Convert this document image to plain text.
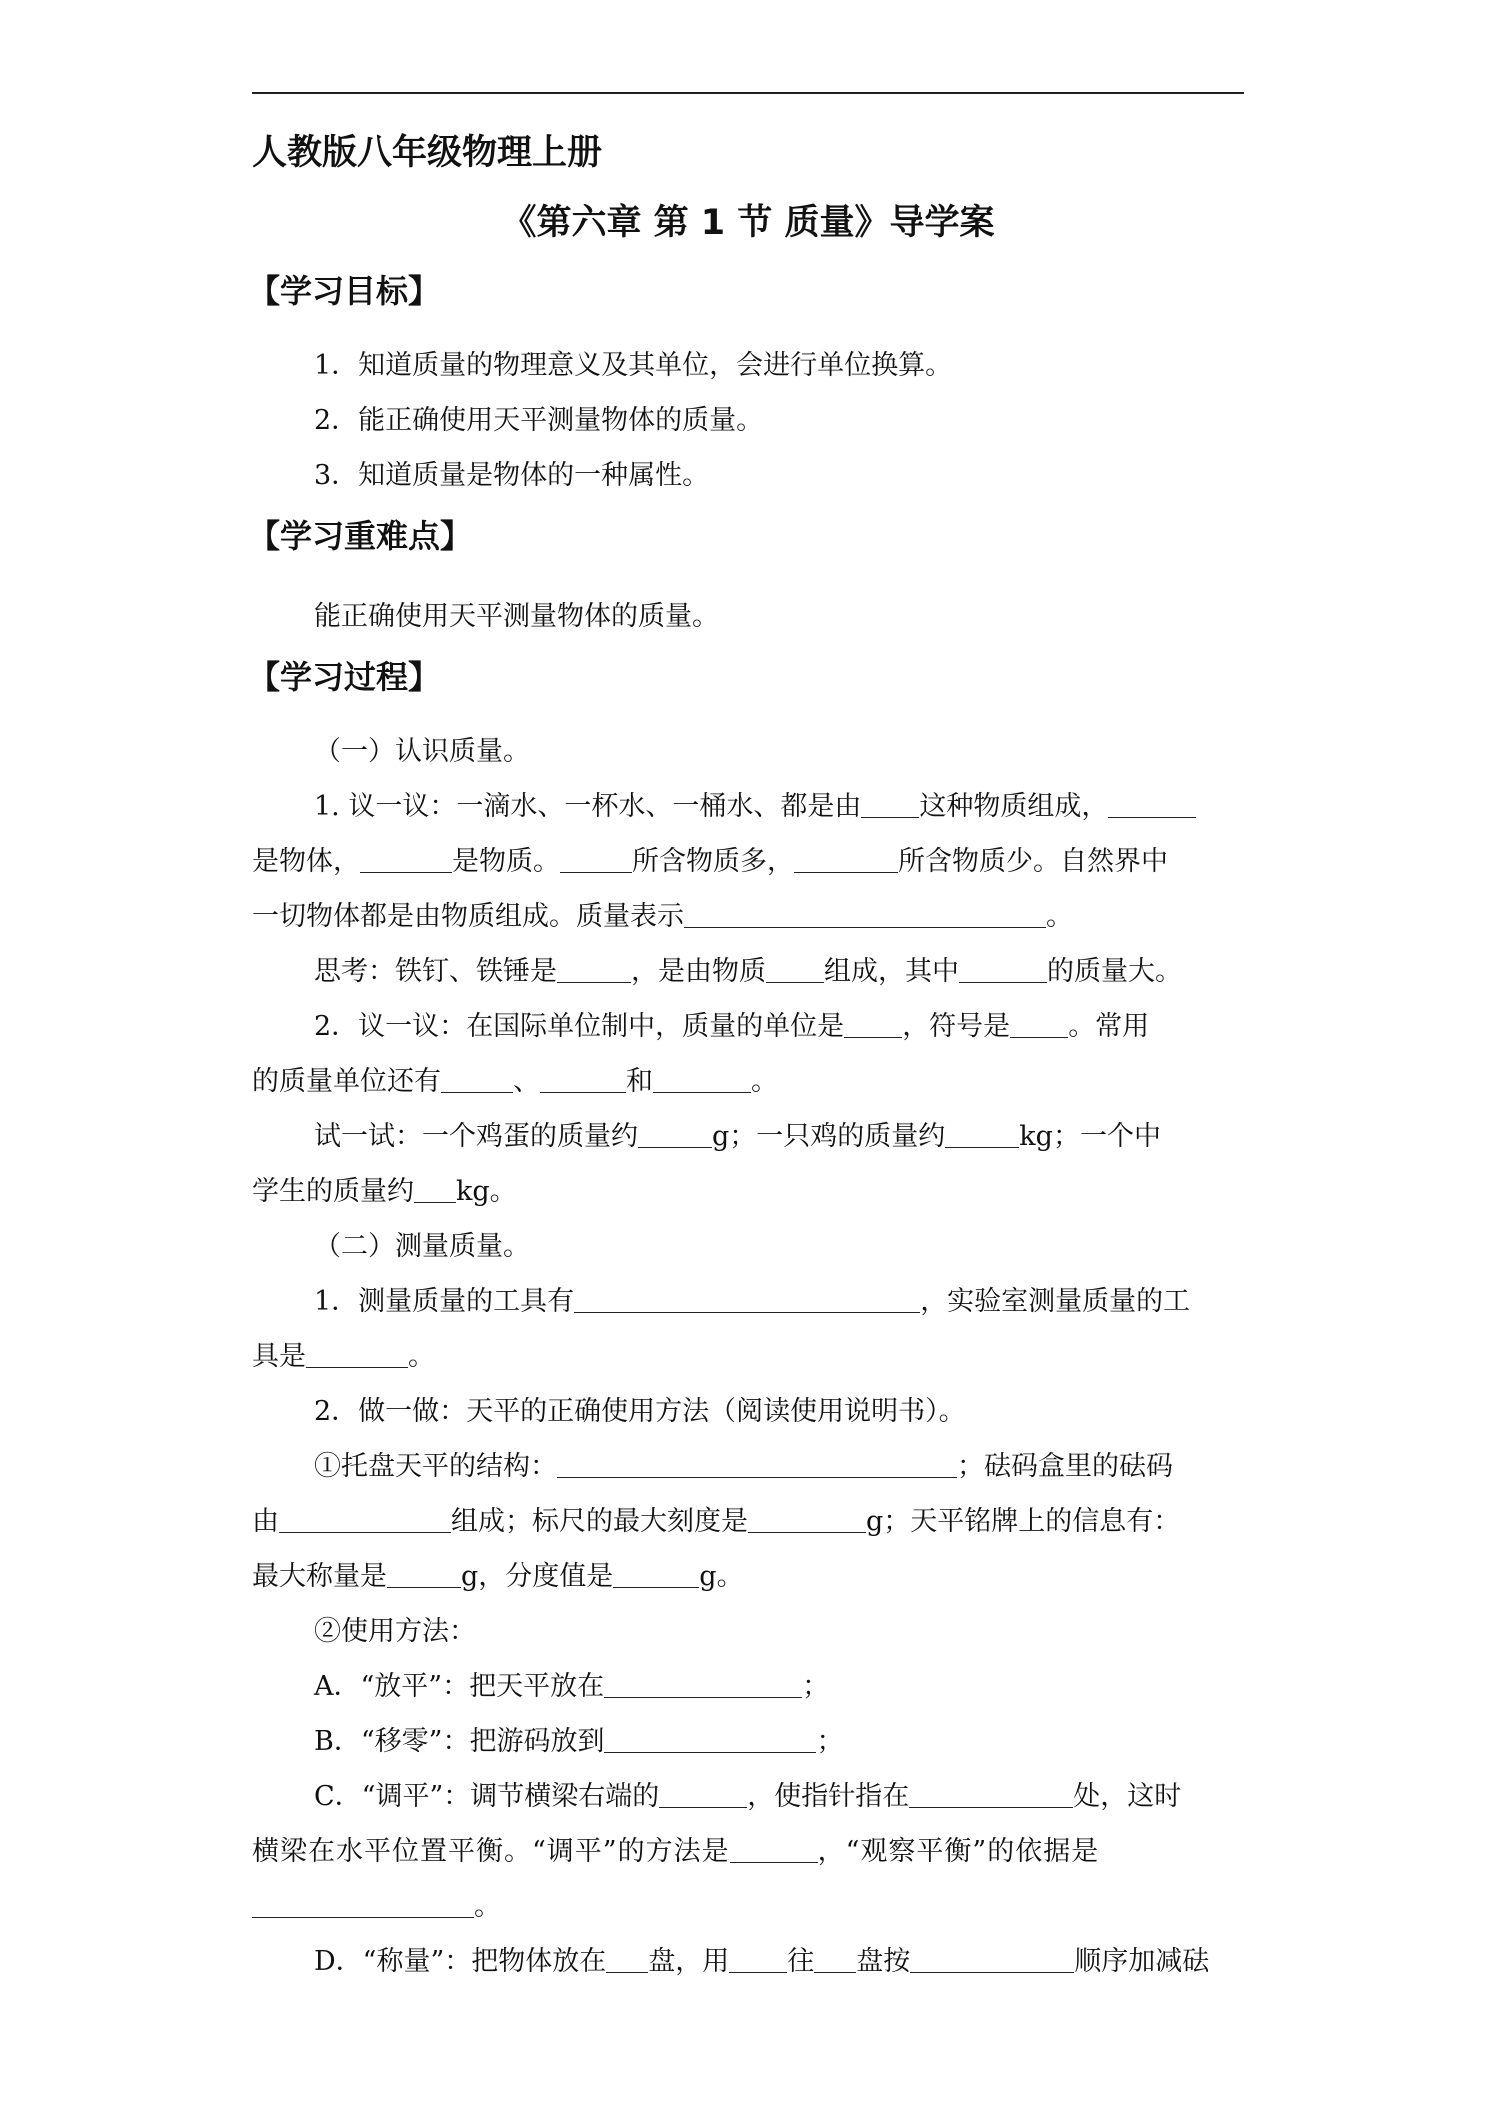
人教版八年级物理上册
《第六章 第 1 节 质量》导学案
【学习目标】
1．知道质量的物理意义及其单位，会进行单位换算。
2．能正确使用天平测量物体的质量。
3．知道质量是物体的一种属性。
【学习重难点】
能正确使用天平测量物体的质量。
【学习过程】
（一）认识质量。
1. 议一议：一滴水、一杯水、一桶水、都是由 这种物质组成，
是物体，	是物质。	所含物质多，	所含物质少。自然界中
一切物体都是由物质组成。质量表示	。
思考：铁钉、铁锤是	，是由物质 组成，其中	的质量大。
2．议一议：在国际单位制中，质量的单位是 ，符号是 。常用
的质量单位还有	、	和	。
试一试：一个鸡蛋的质量约	g；一只鸡的质量约	kg；一个中
学生的质量约 kg。
（二）测量质量。
1．测量质量的工具有	，实验室测量质量的工
具是	。
2．做一做：天平的正确使用方法（阅读使用说明书）。
①托盘天平的结构：	；砝码盒里的砝码
由	组成；标尺的最大刻度是	g；天平铭牌上的信息有：
最大称量是	g，分度值是	g。
②使用方法：
A．“放平”：把天平放在	；
B．“移零”：把游码放到	；
C．“调平”：调节横梁右端的	，使指针指在	处，这时
横梁在水平位置平衡。“调平”的方法是	，“观察平衡”的依据是
。
D．“称量”：把物体放在 盘，用 往 盘按	顺序加减砝
